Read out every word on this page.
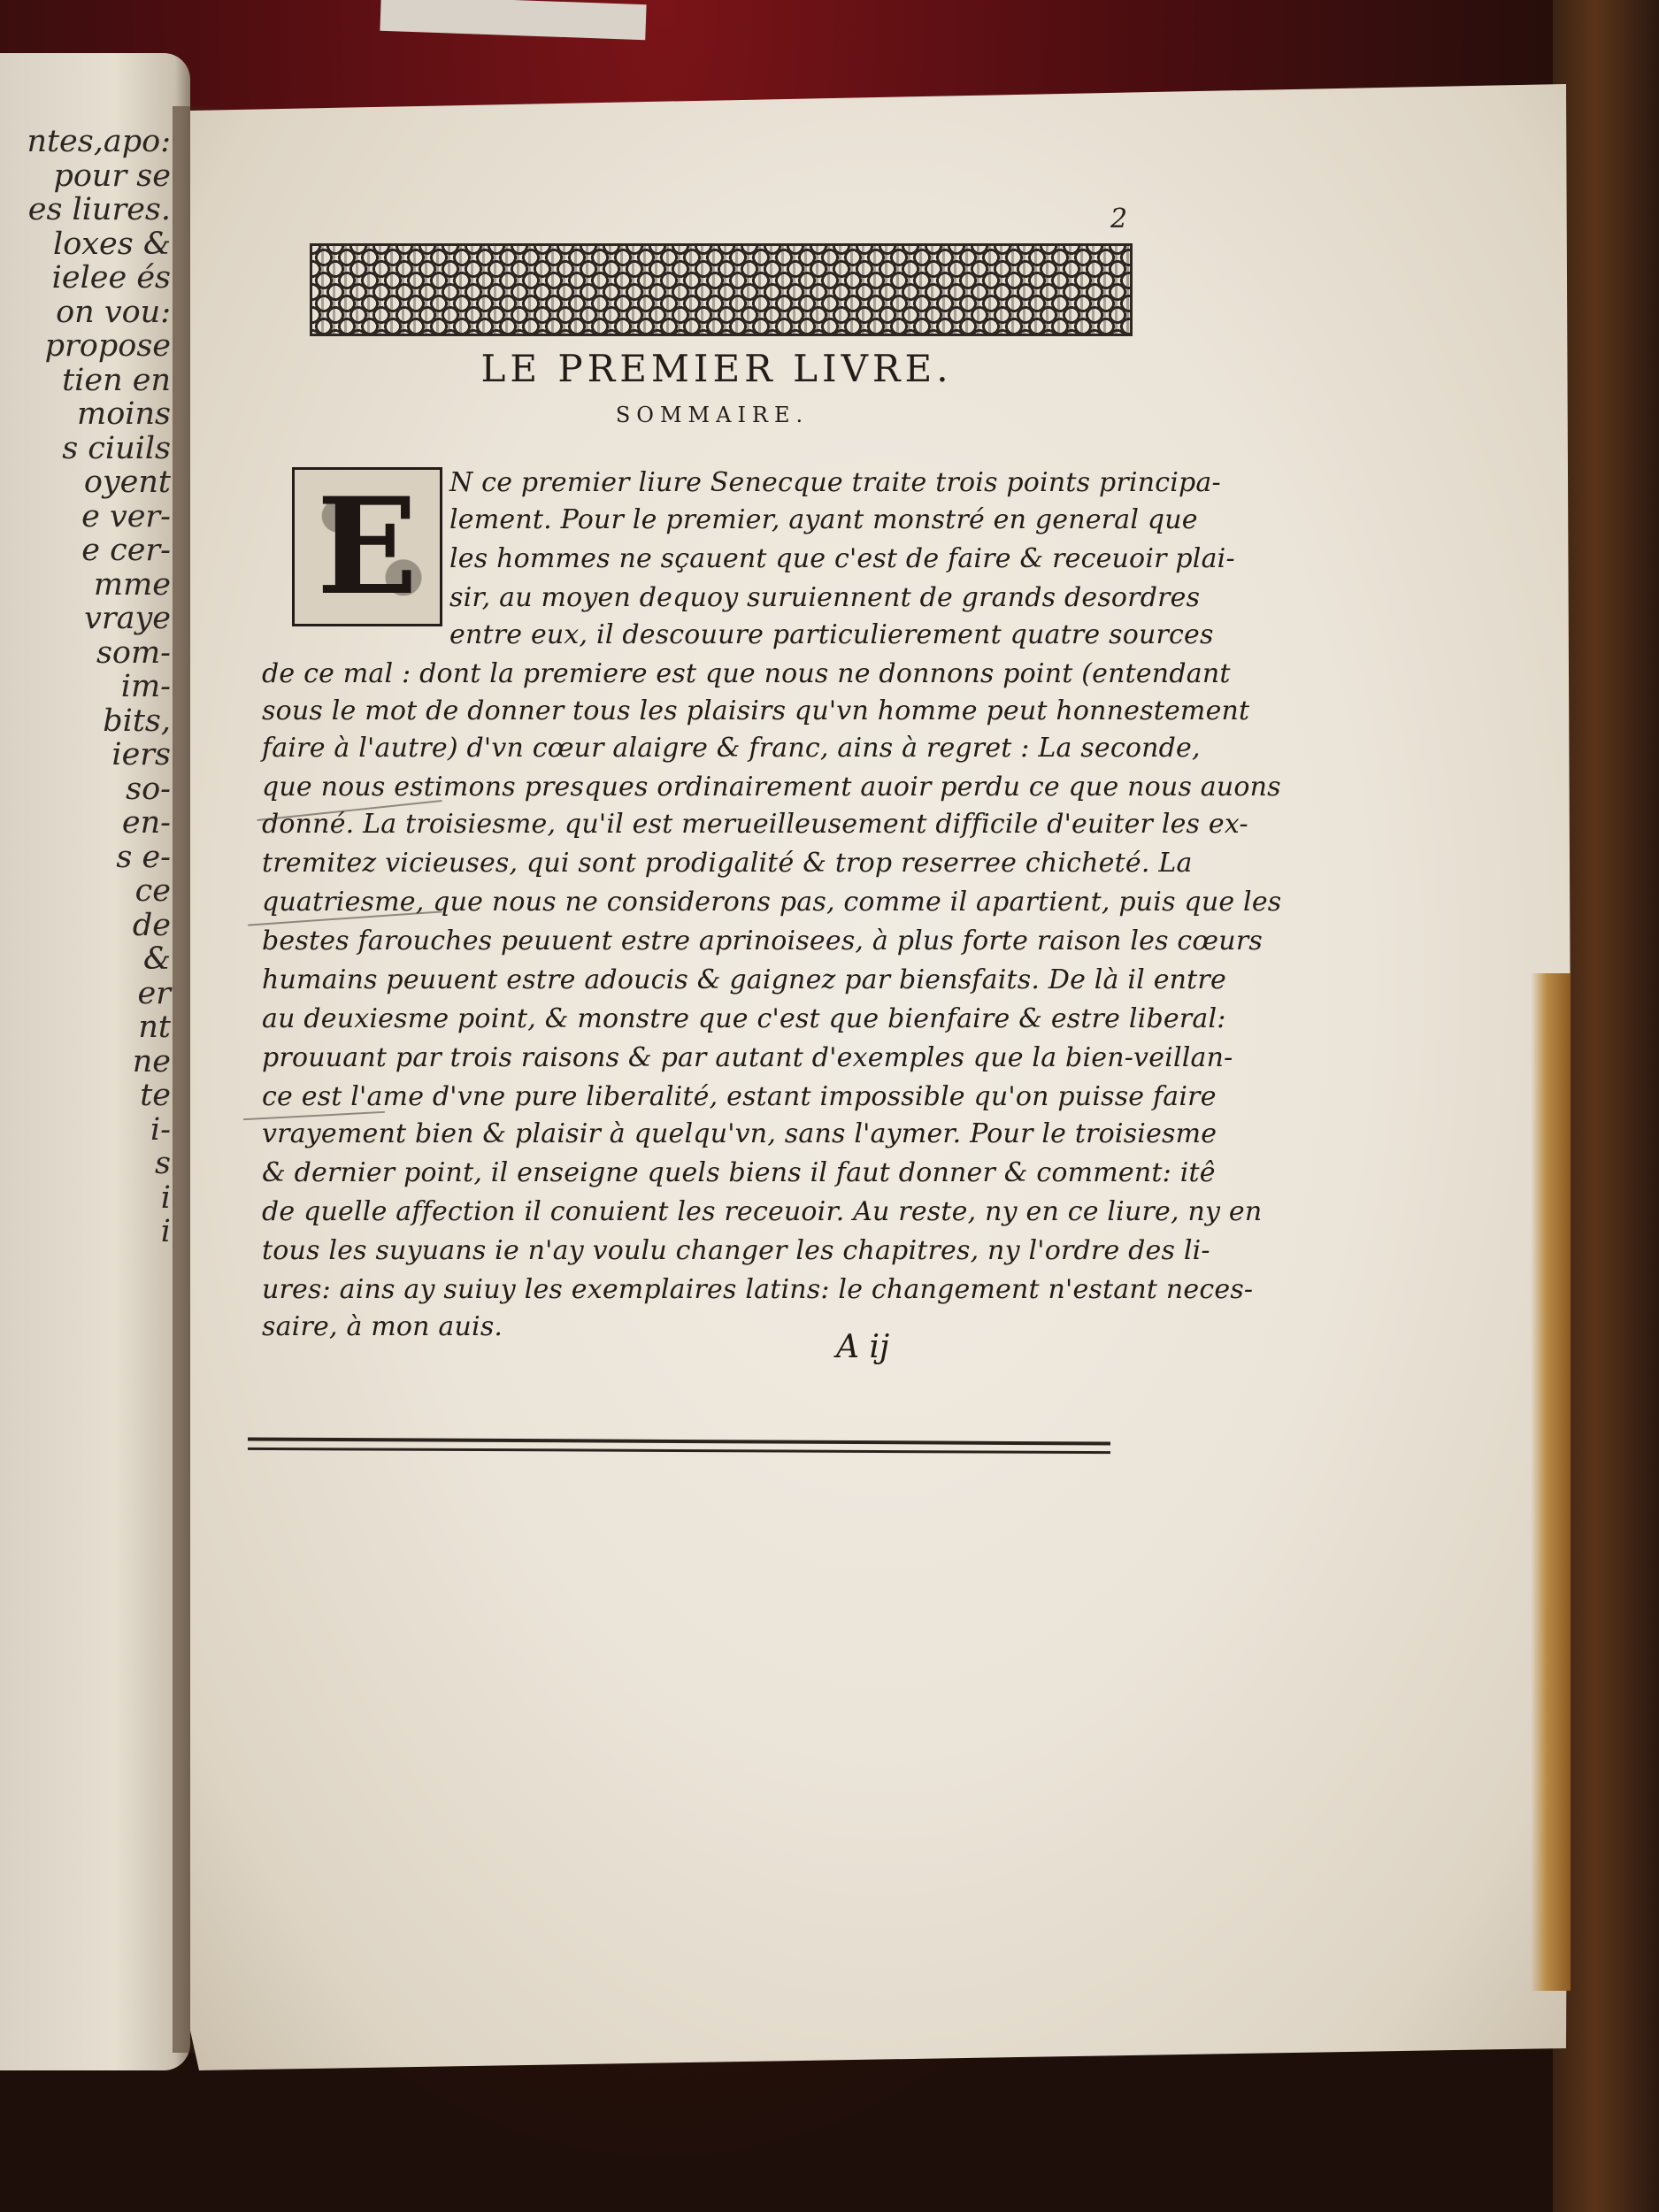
ntes,apo:
pour se
es liures.
loxes &
ielee és
on vou:
propose
tien en
moins
s ciuils
oyent
e ver-
e cer-
mme
vraye
som-
im-
bits,
iers
so-
en-
s e-
ce
de
&
er
nt
ne
te
i-
s
i
i
2
LE PREMIER LIVRE.
SOMMAIRE.
E	N ce premier liure Senecque traite trois points principa-
lement. Pour le premier, ayant monstré en general que
les hommes ne sçauent que c'est de faire & receuoir plai-
sir, au moyen dequoy suruiennent de grands desordres
entre eux, il descouure particulierement quatre sources
de ce mal : dont la premiere est que nous ne donnons point (entendant
sous le mot de donner tous les plaisirs qu'vn homme peut honnestement
faire à l'autre) d'vn cœur alaigre & franc, ains à regret : La seconde,
que nous estimons presques ordinairement auoir perdu ce que nous auons
donné. La troisiesme, qu'il est merueilleusement difficile d'euiter les ex-
tremitez vicieuses, qui sont prodigalité & trop reserree chicheté. La
quatriesme, que nous ne considerons pas, comme il apartient, puis que les
bestes farouches peuuent estre aprinoisees, à plus forte raison les cœurs
humains peuuent estre adoucis & gaignez par biensfaits. De là il entre
au deuxiesme point, & monstre que c'est que bienfaire & estre liberal:
prouuant par trois raisons & par autant d'exemples que la bien-veillan-
ce est l'ame d'vne pure liberalité, estant impossible qu'on puisse faire
vrayement bien & plaisir à quelqu'vn, sans l'aymer. Pour le troisiesme
& dernier point, il enseigne quels biens il faut donner & comment: itê
de quelle affection il conuient les receuoir. Au reste, ny en ce liure, ny en
tous les suyuans ie n'ay voulu changer les chapitres, ny l'ordre des li-
ures: ains ay suiuy les exemplaires latins: le changement n'estant neces-
saire, à mon auis.
A ij
